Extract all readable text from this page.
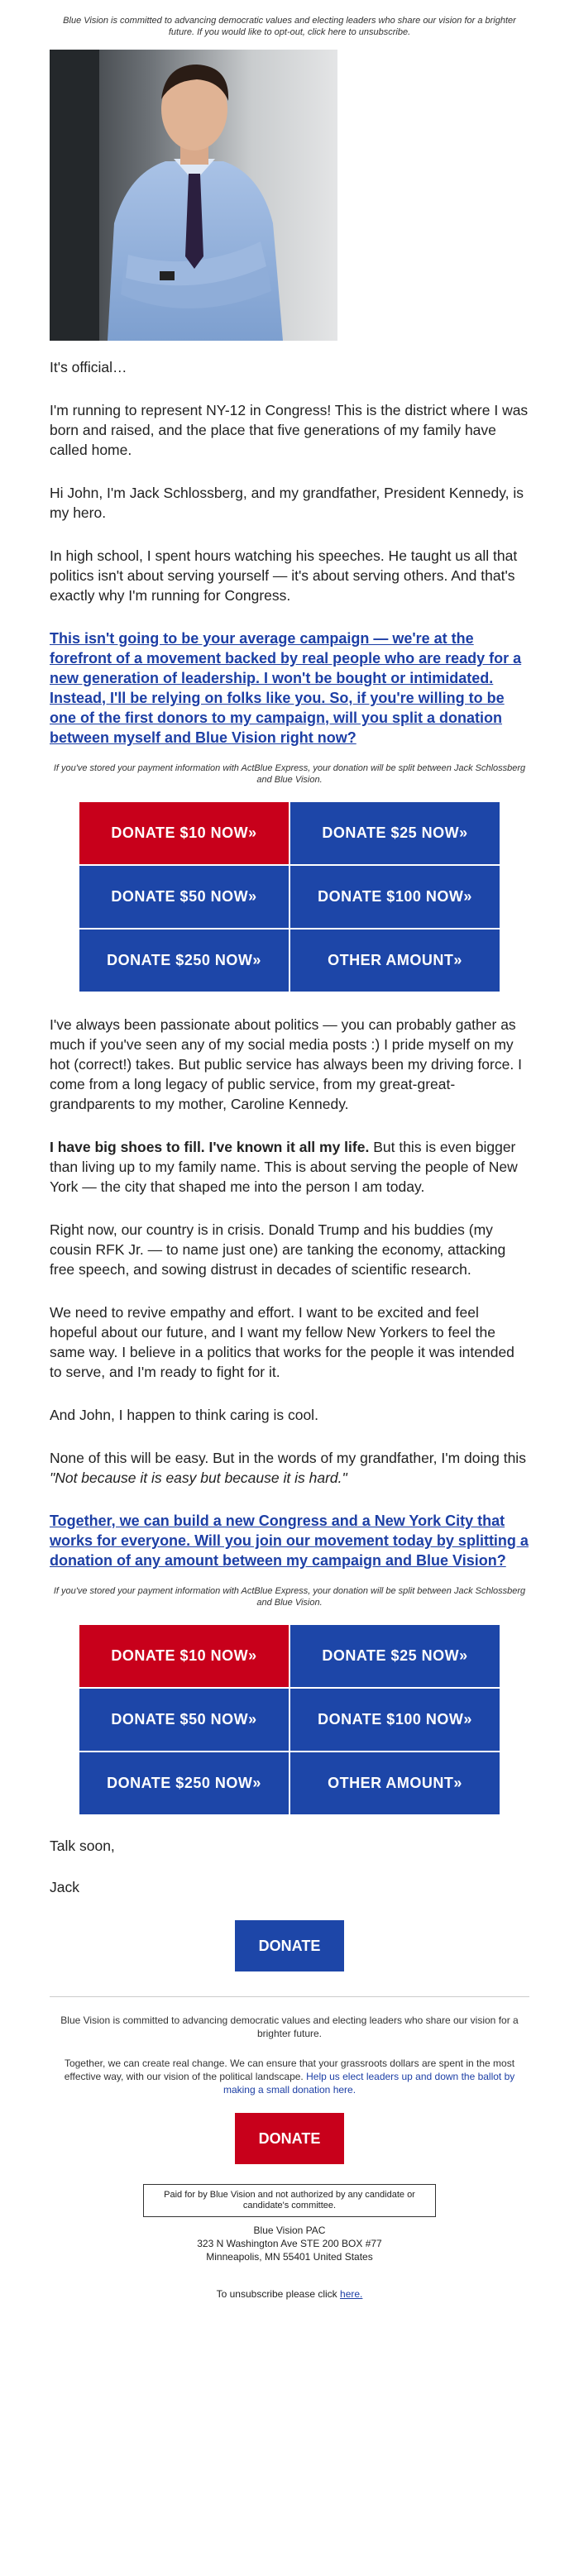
Blue Vision is committed to advancing democratic values and electing leaders who share our vision for a brighter future. If you would like to opt-out, click here to unsubscribe.

It's official…

I'm running to represent NY-12 in Congress! This is the district where I was born and raised, and the place that five generations of my family have called home.

Hi John, I'm Jack Schlossberg, and my grandfather, President Kennedy, is my hero.

In high school, I spent hours watching his speeches. He taught us all that politics isn't about serving yourself — it's about serving others. And that's exactly why I'm running for Congress.

This isn't going to be your average campaign — we're at the forefront of a movement backed by real people who are ready for a new generation of leadership. I won't be bought or intimidated. Instead, I'll be relying on folks like you. So, if you're willing to be one of the first donors to my campaign, will you split a donation between myself and Blue Vision right now?
If you've stored your payment information with ActBlue Express, your donation will be split between Jack Schlossberg and Blue Vision.
DONATE $10 NOW»	DONATE $25 NOW»
DONATE $50 NOW»	DONATE $100 NOW»
DONATE $250 NOW»	OTHER AMOUNT»

I've always been passionate about politics — you can probably gather as much if you've seen any of my social media posts :) I pride myself on my hot (correct!) takes. But public service has always been my driving force. I come from a long legacy of public service, from my great-great-grandparents to my mother, Caroline Kennedy.

I have big shoes to fill. I've known it all my life. But this is even bigger than living up to my family name. This is about serving the people of New York — the city that shaped me into the person I am today.

Right now, our country is in crisis. Donald Trump and his buddies (my cousin RFK Jr. — to name just one) are tanking the economy, attacking free speech, and sowing distrust in decades of scientific research.

We need to revive empathy and effort. I want to be excited and feel hopeful about our future, and I want my fellow New Yorkers to feel the same way. I believe in a politics that works for the people it was intended to serve, and I'm ready to fight for it.

And John, I happen to think caring is cool.

None of this will be easy. But in the words of my grandfather, I'm doing this "Not because it is easy but because it is hard."

Together, we can build a new Congress and a New York City that works for everyone. Will you join our movement today by splitting a donation of any amount between my campaign and Blue Vision?
If you've stored your payment information with ActBlue Express, your donation will be split between Jack Schlossberg and Blue Vision.
DONATE $10 NOW»	DONATE $25 NOW»
DONATE $50 NOW»	DONATE $100 NOW»
DONATE $250 NOW»	OTHER AMOUNT»
Talk soon,
Jack
DONATE
Blue Vision is committed to advancing democratic values and electing leaders who share our vision for a brighter future.
Together, we can create real change. We can ensure that your grassroots dollars are spent in the most effective way, with our vision of the political landscape. Help us elect leaders up and down the ballot by making a small donation here.
DONATE
Paid for by Blue Vision and not authorized by any candidate or candidate's committee.
Blue Vision PAC
323 N Washington Ave STE 200 BOX #77
Minneapolis, MN 55401 United States
To unsubscribe please click here.
